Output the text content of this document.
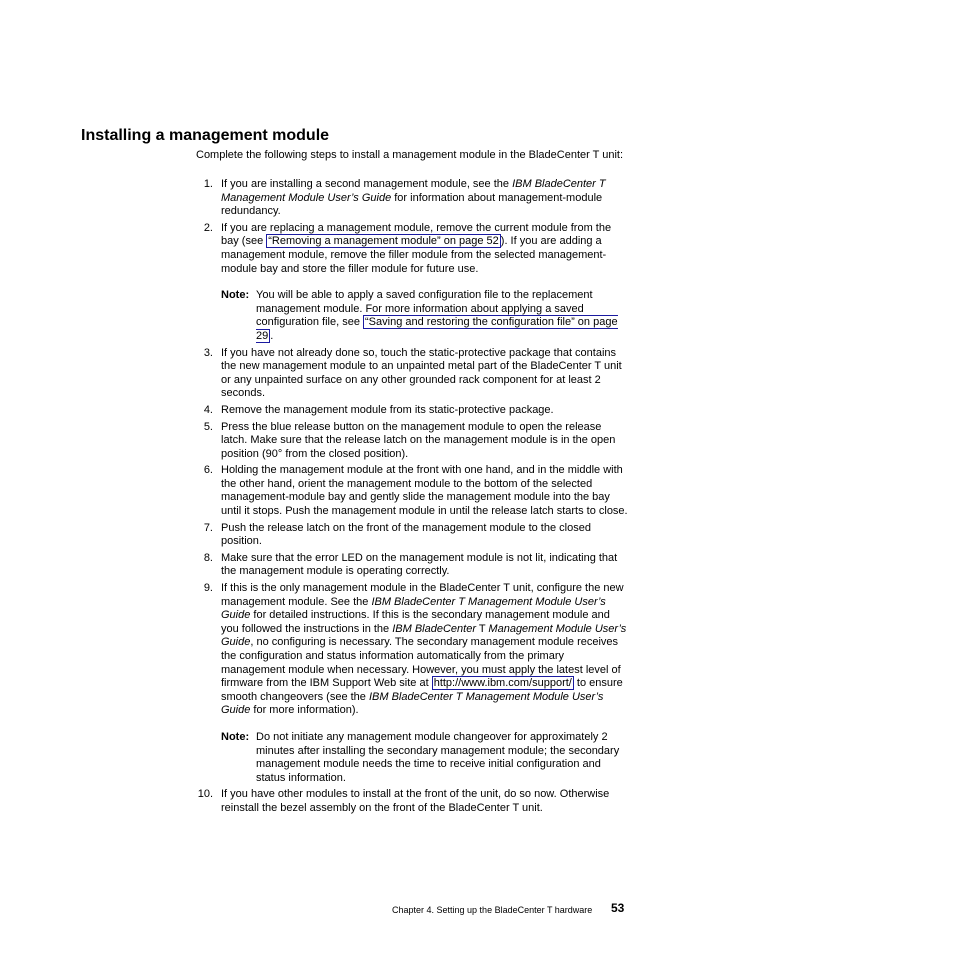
Installing a management module

Complete the following steps to install a management module in the BladeCenter T unit:

1. If you are installing a second management module, see the IBM BladeCenter T Management Module User’s Guide for information about management-module redundancy.
2. If you are replacing a management module, remove the current module from the bay (see “Removing a management module” on page 52 ). If you are adding a management module, remove the filler module from the selected management-module bay and store the filler module for future use.
Note: You will be able to apply a saved configuration file to the replacement management module. For more information about applying a saved configuration file, see “Saving and restoring the configuration file” on page 29 .
3. If you have not already done so, touch the static-protective package that contains the new management module to an unpainted metal part of the BladeCenter T unit or any unpainted surface on any other grounded rack component for at least 2 seconds.
4. Remove the management module from its static-protective package.
5. Press the blue release button on the management module to open the release latch. Make sure that the release latch on the management module is in the open position (90° from the closed position).
6. Holding the management module at the front with one hand, and in the middle with the other hand, orient the management module to the bottom of the selected management-module bay and gently slide the management module into the bay until it stops. Push the management module in until the release latch starts to close.
7. Push the release latch on the front of the management module to the closed position.
8. Make sure that the error LED on the management module is not lit, indicating that the management module is operating correctly.
9. If this is the only management module in the BladeCenter T unit, configure the new management module. See the IBM BladeCenter T Management Module User’s Guide for detailed instructions. If this is the secondary management module and you followed the instructions in the IBM BladeCenter T Management Module User’s Guide, no configuring is necessary. The secondary management module receives the configuration and status information automatically from the primary management module when necessary. However, you must apply the latest level of firmware from the IBM Support Web site at http://www.ibm.com/support/ to ensure smooth changeovers (see the IBM BladeCenter T Management Module User’s Guide for more information).
Note: Do not initiate any management module changeover for approximately 2 minutes after installing the secondary management module; the secondary management module needs the time to receive initial configuration and status information.
10. If you have other modules to install at the front of the unit, do so now. Otherwise reinstall the bezel assembly on the front of the BladeCenter T unit.
Chapter 4. Setting up the BladeCenter T hardware 53
